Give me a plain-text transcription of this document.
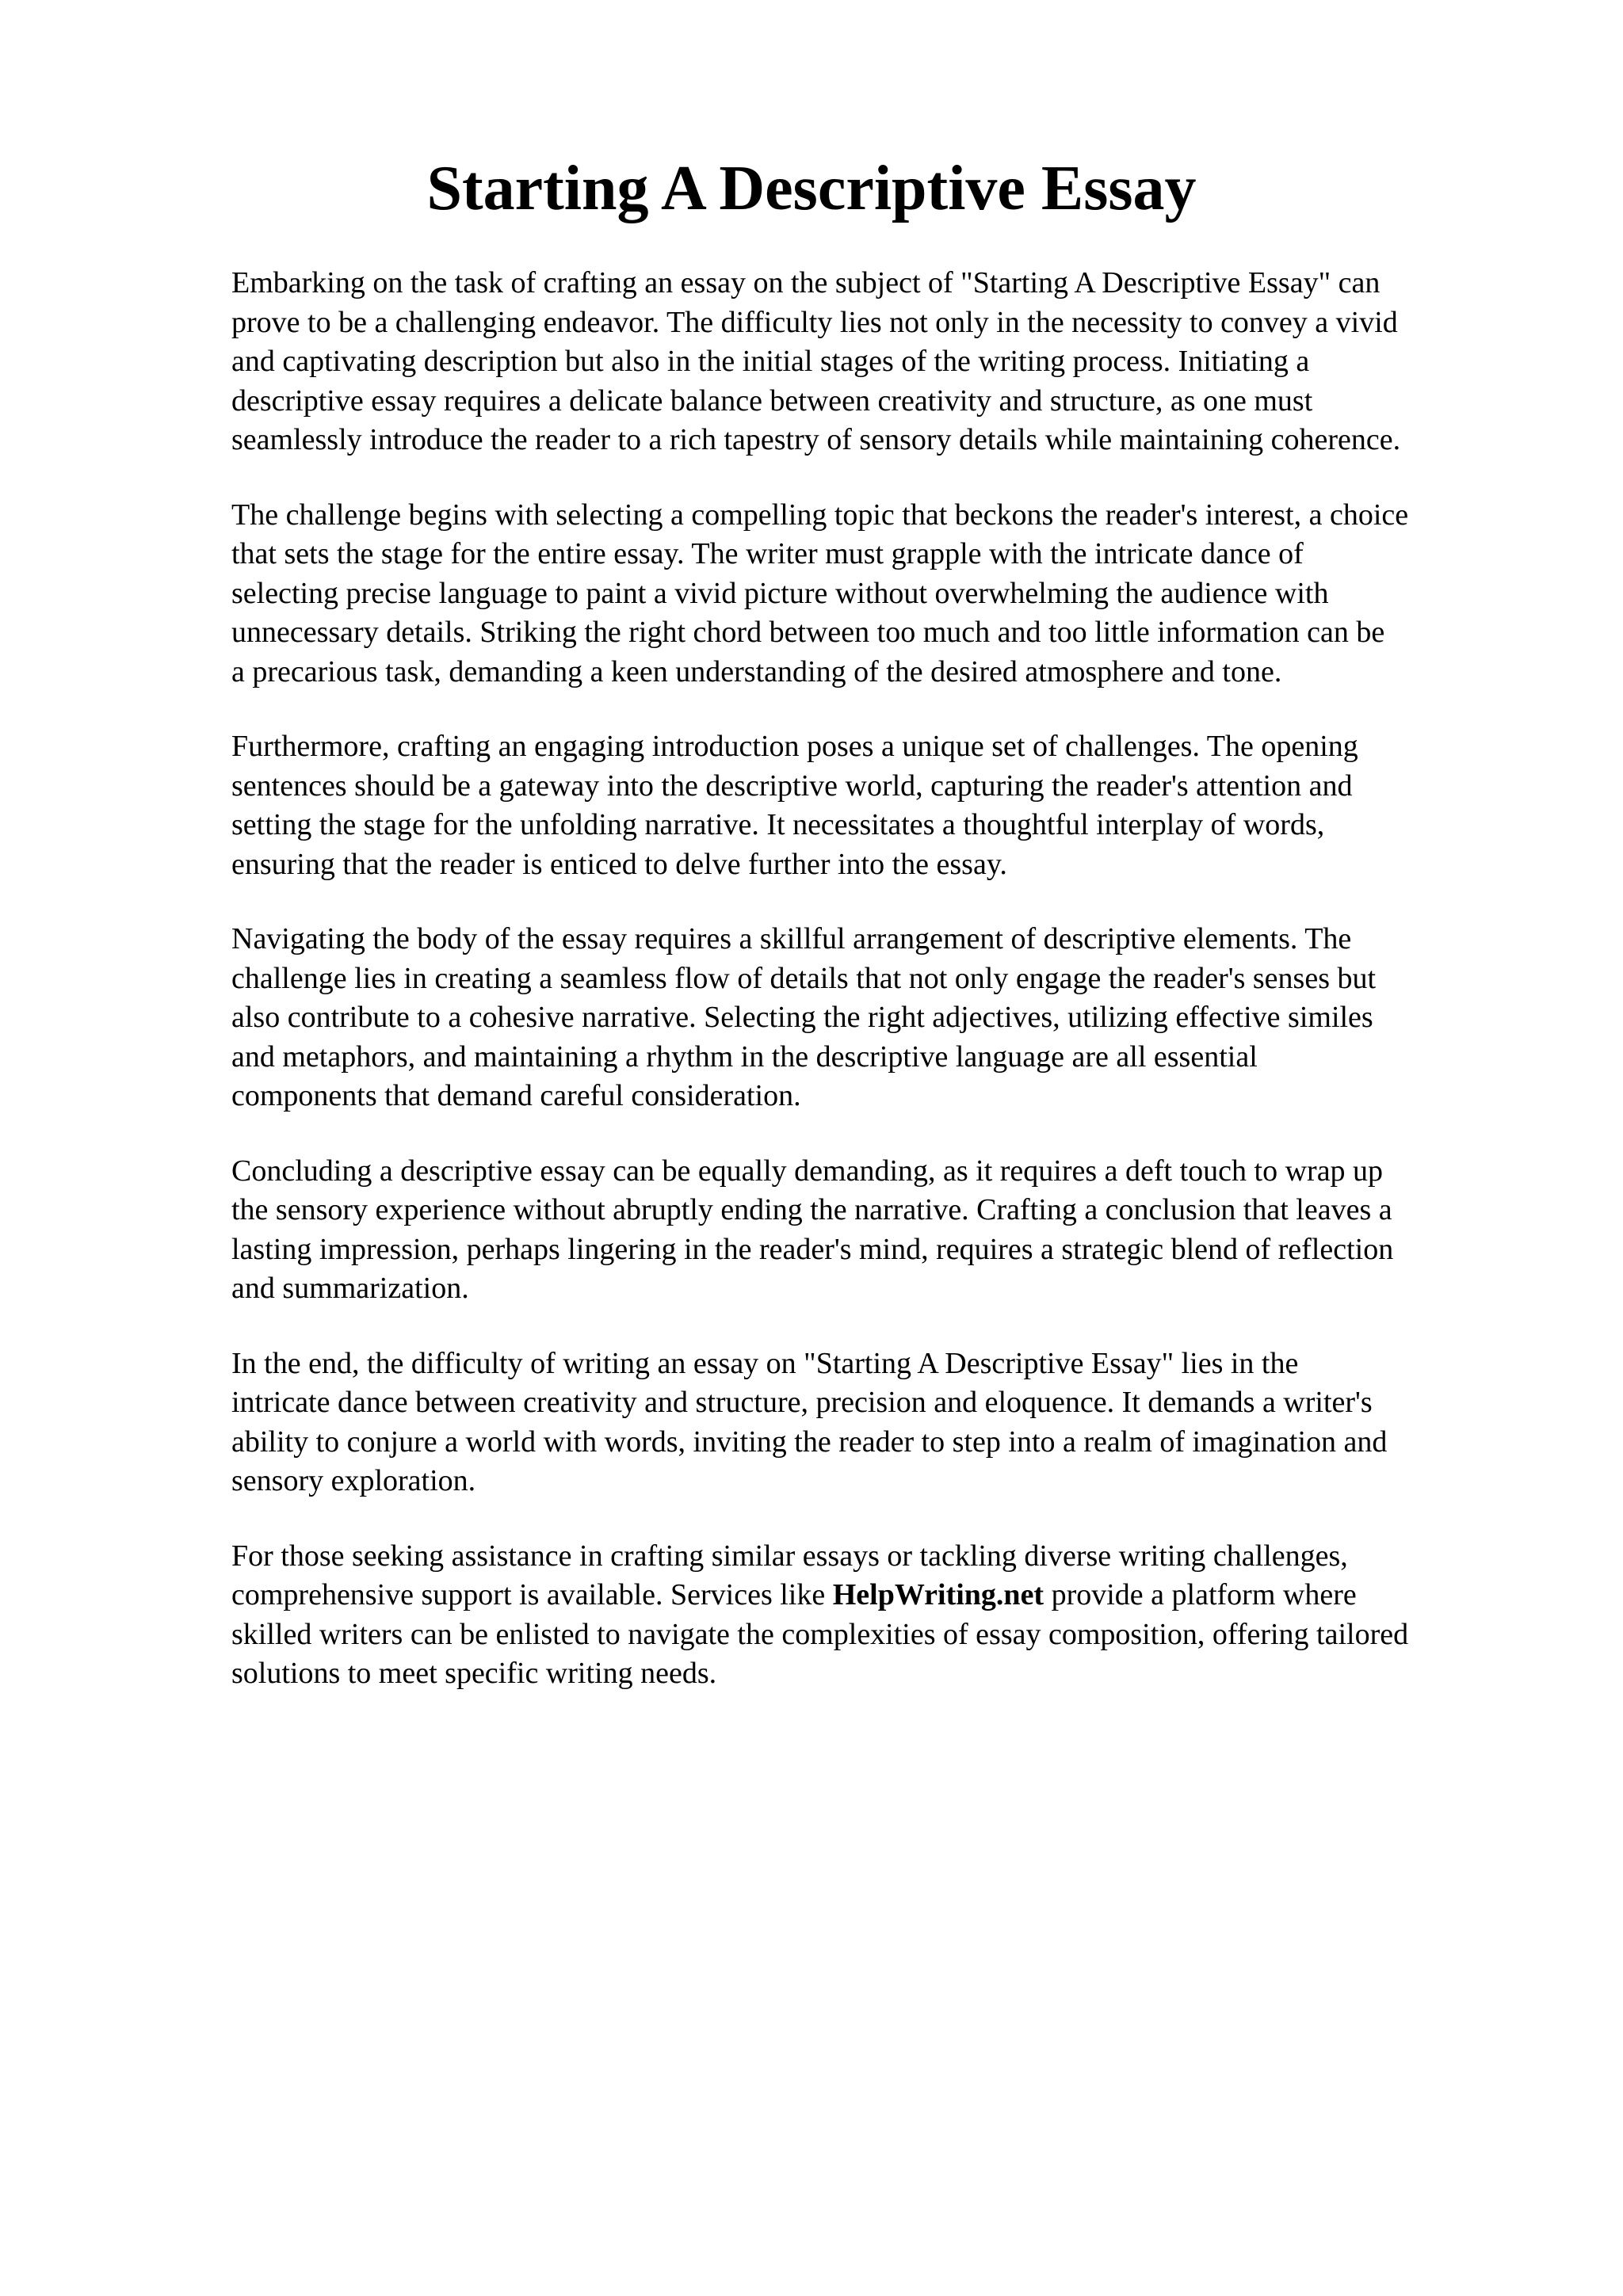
Starting A Descriptive Essay

Embarking on the task of crafting an essay on the subject of "Starting A Descriptive Essay" can
prove to be a challenging endeavor. The difficulty lies not only in the necessity to convey a vivid
and captivating description but also in the initial stages of the writing process. Initiating a
descriptive essay requires a delicate balance between creativity and structure, as one must
seamlessly introduce the reader to a rich tapestry of sensory details while maintaining coherence.

The challenge begins with selecting a compelling topic that beckons the reader's interest, a choice
that sets the stage for the entire essay. The writer must grapple with the intricate dance of
selecting precise language to paint a vivid picture without overwhelming the audience with
unnecessary details. Striking the right chord between too much and too little information can be
a precarious task, demanding a keen understanding of the desired atmosphere and tone.

Furthermore, crafting an engaging introduction poses a unique set of challenges. The opening
sentences should be a gateway into the descriptive world, capturing the reader's attention and
setting the stage for the unfolding narrative. It necessitates a thoughtful interplay of words,
ensuring that the reader is enticed to delve further into the essay.

Navigating the body of the essay requires a skillful arrangement of descriptive elements. The
challenge lies in creating a seamless flow of details that not only engage the reader's senses but
also contribute to a cohesive narrative. Selecting the right adjectives, utilizing effective similes
and metaphors, and maintaining a rhythm in the descriptive language are all essential
components that demand careful consideration.

Concluding a descriptive essay can be equally demanding, as it requires a deft touch to wrap up
the sensory experience without abruptly ending the narrative. Crafting a conclusion that leaves a
lasting impression, perhaps lingering in the reader's mind, requires a strategic blend of reflection
and summarization.

In the end, the difficulty of writing an essay on "Starting A Descriptive Essay" lies in the
intricate dance between creativity and structure, precision and eloquence. It demands a writer's
ability to conjure a world with words, inviting the reader to step into a realm of imagination and
sensory exploration.

For those seeking assistance in crafting similar essays or tackling diverse writing challenges,
comprehensive support is available. Services like HelpWriting.net provide a platform where
skilled writers can be enlisted to navigate the complexities of essay composition, offering tailored
solutions to meet specific writing needs.
